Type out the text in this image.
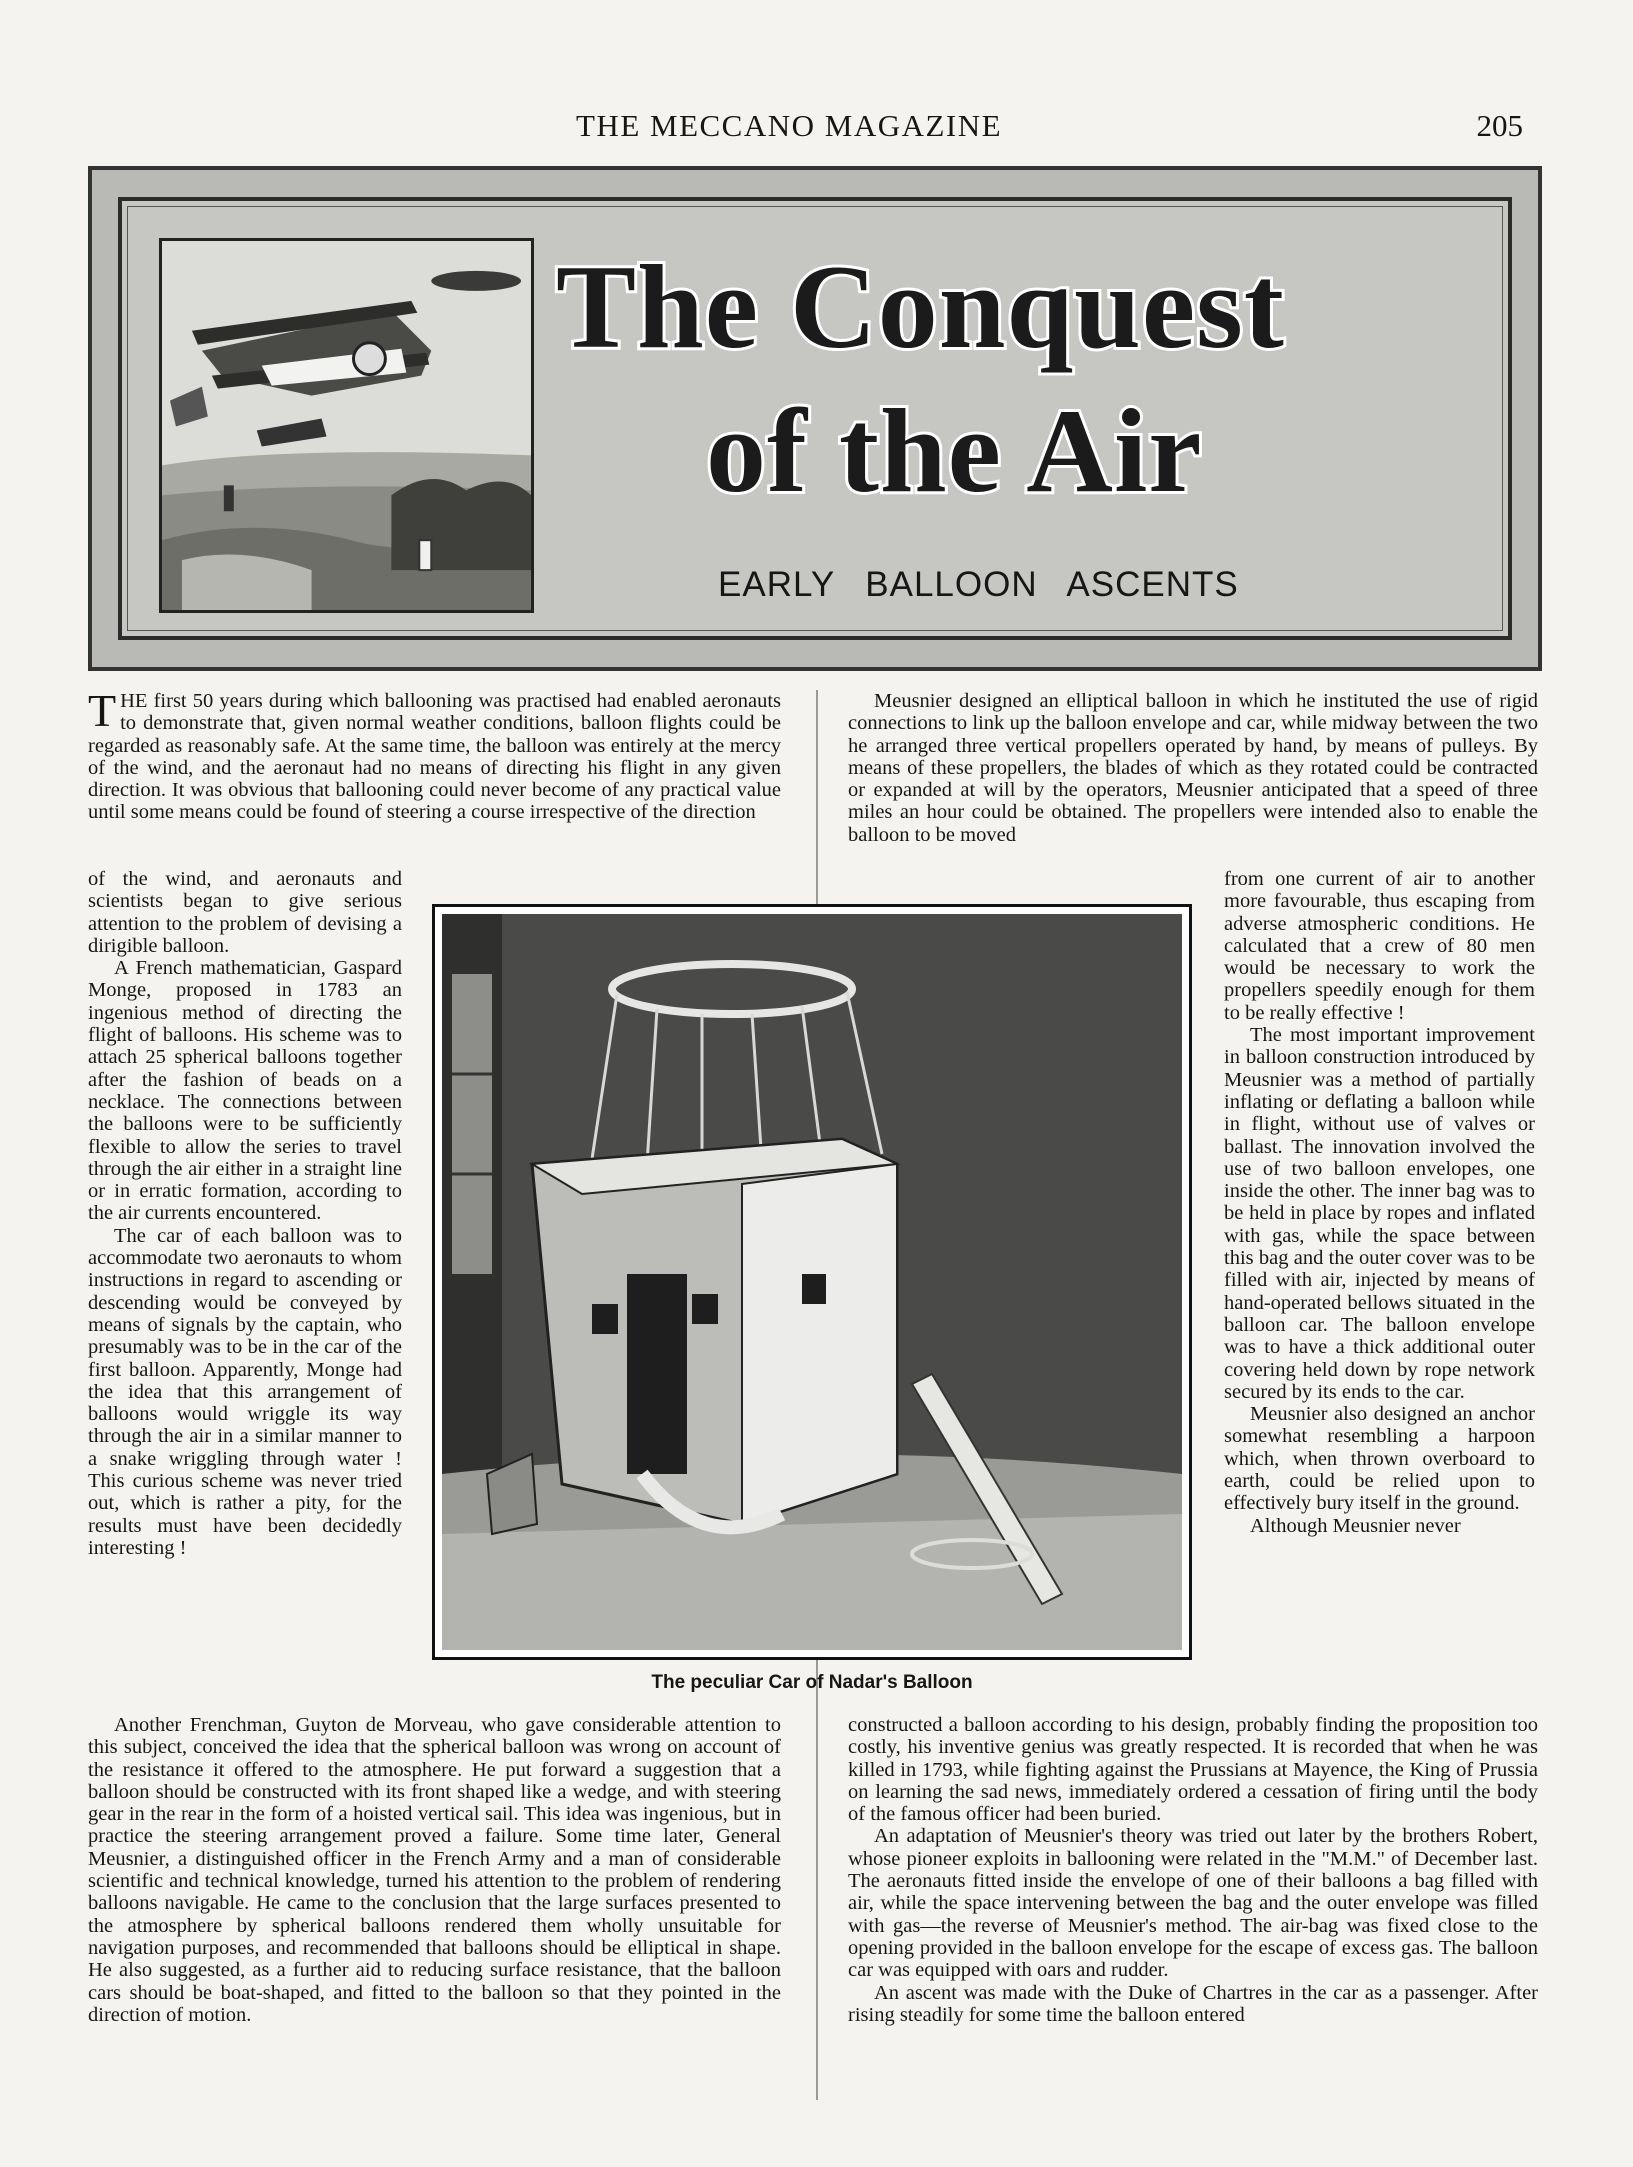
THE MECCANO MAGAZINE	205
The Conquest
of the Air
EARLY BALLOON ASCENTS

THE first 50 years during which ballooning was practised had enabled aeronauts to demonstrate that, given normal weather conditions, balloon flights could be regarded as reasonably safe. At the same time, the balloon was entirely at the mercy of the wind, and the aeronaut had no means of directing his flight in any given direction. It was obvious that ballooning could never become of any practical value until some means could be found of steering a course irrespective of the direction

of the wind, and aeronauts and scientists began to give serious attention to the problem of devising a dirigible balloon.

A French mathematician, Gaspard Monge, proposed in 1783 an ingenious method of directing the flight of balloons. His scheme was to attach 25 spherical balloons together after the fashion of beads on a necklace. The connections between the balloons were to be sufficiently flexible to allow the series to travel through the air either in a straight line or in erratic formation, according to the air currents encountered.

The car of each balloon was to accommodate two aeronauts to whom instructions in regard to ascending or descending would be conveyed by means of signals by the captain, who presumably was to be in the car of the first balloon. Apparently, Monge had the idea that this arrangement of balloons would wriggle its way through the air in a similar manner to a snake wriggling through water ! This curious scheme was never tried out, which is rather a pity, for the results must have been decidedly interesting !

Another Frenchman, Guyton de Morveau, who gave considerable attention to this subject, conceived the idea that the spherical balloon was wrong on account of the resistance it offered to the atmosphere. He put forward a suggestion that a balloon should be constructed with its front shaped like a wedge, and with steering gear in the rear in the form of a hoisted vertical sail. This idea was ingenious, but in practice the steering arrangement proved a failure. Some time later, General Meusnier, a distinguished officer in the French Army and a man of considerable scientific and technical knowledge, turned his attention to the problem of rendering balloons navigable. He came to the conclusion that the large surfaces presented to the atmosphere by spherical balloons rendered them wholly unsuitable for navigation purposes, and recommended that balloons should be elliptical in shape. He also suggested, as a further aid to reducing surface resistance, that the balloon cars should be boat-shaped, and fitted to the balloon so that they pointed in the direction of motion.

Meusnier designed an elliptical balloon in which he instituted the use of rigid connections to link up the balloon envelope and car, while midway between the two he arranged three vertical propellers operated by hand, by means of pulleys. By means of these propellers, the blades of which as they rotated could be contracted or expanded at will by the operators, Meusnier anticipated that a speed of three miles an hour could be obtained. The propellers were intended also to enable the balloon to be moved

from one current of air to another more favourable, thus escaping from adverse atmospheric conditions. He calculated that a crew of 80 men would be necessary to work the propellers speedily enough for them to be really effective !

The most important improvement in balloon construction introduced by Meusnier was a method of partially inflating or deflating a balloon while in flight, without use of valves or ballast. The innovation involved the use of two balloon envelopes, one inside the other. The inner bag was to be held in place by ropes and inflated with gas, while the space between this bag and the outer cover was to be filled with air, injected by means of hand-operated bellows situated in the balloon car. The balloon envelope was to have a thick additional outer covering held down by rope network secured by its ends to the car.

Meusnier also designed an anchor somewhat resembling a harpoon which, when thrown overboard to earth, could be relied upon to effectively bury itself in the ground.

Although Meusnier never

constructed a balloon according to his design, probably finding the proposition too costly, his inventive genius was greatly respected. It is recorded that when he was killed in 1793, while fighting against the Prussians at Mayence, the King of Prussia on learning the sad news, immediately ordered a cessation of firing until the body of the famous officer had been buried.

An adaptation of Meusnier's theory was tried out later by the brothers Robert, whose pioneer exploits in ballooning were related in the "M.M." of December last. The aeronauts fitted inside the envelope of one of their balloons a bag filled with air, while the space intervening between the bag and the outer envelope was filled with gas—the reverse of Meusnier's method. The air-bag was fixed close to the opening provided in the balloon envelope for the escape of excess gas. The balloon car was equipped with oars and rudder.

An ascent was made with the Duke of Chartres in the car as a passenger. After rising steadily for some time the balloon entered

The peculiar Car of Nadar's Balloon
